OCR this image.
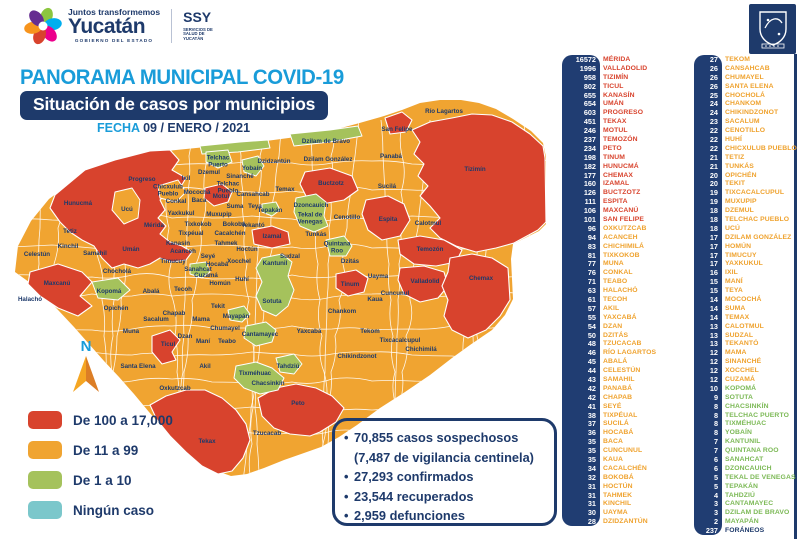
Telchac Puerto
Dzilam de Bravo
San Felipe
Río Lagartos
Progreso
Chicxulub Pueblo
Ixil
Dzemul
Sinanché
Yobaín
Dzidzantún
Telchac Pueblo
Dzilam González	Panabá
Buctzotz	Sucilá
Tizimín
Cansahcab
Temax
Mocochá
Baca
Motul
Conkal
Yaxkukul Muxupip
Suma Teya
Tepakán
Tekantó
Bokobá
Cacalchén
Tahmek
Hoctún
Xocchel
Seyé
Hocabá
Sanahcat
Cuzamá
Homún
Huhí
Hunucmá
Ucú
Mérida
Tetiz
Kinchil
Celestún	Samahil
Umán
Chocholá
Maxcanú
Kopomá
Halachó
Opichén
Abalá Tecoh
Tekit
Muna
Sacalum
Chapab
Mama Mayapán
Chumayel
Dzan
Maní Teabo
Ticul
Santa Elena	Akil
Oxkutzcab
Tekax
Tzucacab
Peto
Tixméhuac
Chacsinkín
Tahdziú
Cantamayec
Sotuta
Kantunil
Yaxcabá
Chankom
Tekom
Tixcacalcupul
Chichimilá
Chikindzonot
Tinum
Uayma
Cuncunul
Kaua
Valladolid	Chemax
Temozón
Calotmul
Espita
Cenotillo
Dzoncauich
Tekal de Venegas
Tunkás
Quintana Roo
Dzitás
Izamal
Sudzal
Kanasín
Acanceh
Timucuy
Tixkokob
Tixpéual
Juntos transformemos
Yucatán
GOBIERNO DEL ESTADO
SSY
SERVICIOS DE SALUD DE YUCATÁN
PANORAMA MUNICIPAL COVID-19
Situación de casos por municipios
FECHA 09 / ENERO / 2021
N
De 100 a 17,000
De 11 a 99
De 1 a 10
Ningún caso
• 70,855 casos sospechosos
(7,487 de vigilancia centinela)
• 27,293 confirmados
• 23,544 recuperados
• 2,959 defunciones
16572	MÉRIDA
1996	VALLADOLID
958	TIZIMÍN
802	TICUL
655	KANASÍN
654	UMÁN
603	PROGRESO
451	TEKAX
246	MOTUL
237	TEMOZÓN
234	PETO
198	TINUM
182	HUNUCMÁ
177	CHEMAX
160	IZAMAL
126	BUCTZOTZ
111	ESPITA
106	MAXCANÚ
101	SAN FELIPE
96	OXKUTZCAB
94	ACANCEH
83	CHICHIMILÁ
81	TIXKOKOB
77	MUNA
76	CONKAL
71	TEABO
63	HALACHÓ
61	TECOH
57	AKIL
55	YAXCABÁ
54	DZAN
50	DZITÁS
48	TZUCACAB
46	RÍO LAGARTOS
45	ABALÁ
44	CELESTÚN
43	SAMAHIL
42	PANABÁ
42	CHAPAB
41	SEYÉ
38	TIXPÉUAL
37	SUCILÁ
36	HOCABÁ
35	BACA
35	CUNCUNUL
35	KAUA
34	CACALCHÉN
32	BOKOBÁ
31	HOCTÚN
31	TAHMEK
31	KINCHIL
30	UAYMA
28	DZIDZANTÚN
27	TEKOM
26	CANSAHCAB
26	CHUMAYEL
26	SANTA ELENA
25	CHOCHOLÁ
24	CHANKOM
24	CHIKINDZONOT
23	SACALUM
22	CENOTILLO
22	HUHÍ
22	CHICXULUB PUEBLO
21	TETIZ
21	TUNKÁS
20	OPICHÉN
20	TEKIT
19	TIXCACALCUPUL
19	MUXUPIP
18	DZEMUL
18	TELCHAC PUEBLO
18	UCÚ
17	DZILAM GONZÁLEZ
17	HOMÚN
17	TIMUCUY
17	YAXKUKUL
16	IXIL
15	MANÍ
15	TEYA
14	MOCOCHÁ
14	SUMA
14	TEMAX
13	CALOTMUL
13	SUDZAL
13	TEKANTÓ
12	MAMA
12	SINANCHÉ
12	XOCCHEL
12	CUZAMÁ
10	KOPOMÁ
9	SOTUTA
8	CHACSINKÍN
8	TELCHAC PUERTO
8	TIXMÉHUAC
8	YOBAÍN
7	KANTUNIL
7	QUINTANA ROO
6	SANAHCAT
6	DZONCAUICH
5	TEKAL DE VENEGAS
5	TEPAKÁN
4	TAHDZIÚ
3	CANTAMAYEC
3	DZILAM DE BRAVO
2	MAYAPÁN
237	FORÁNEOS
